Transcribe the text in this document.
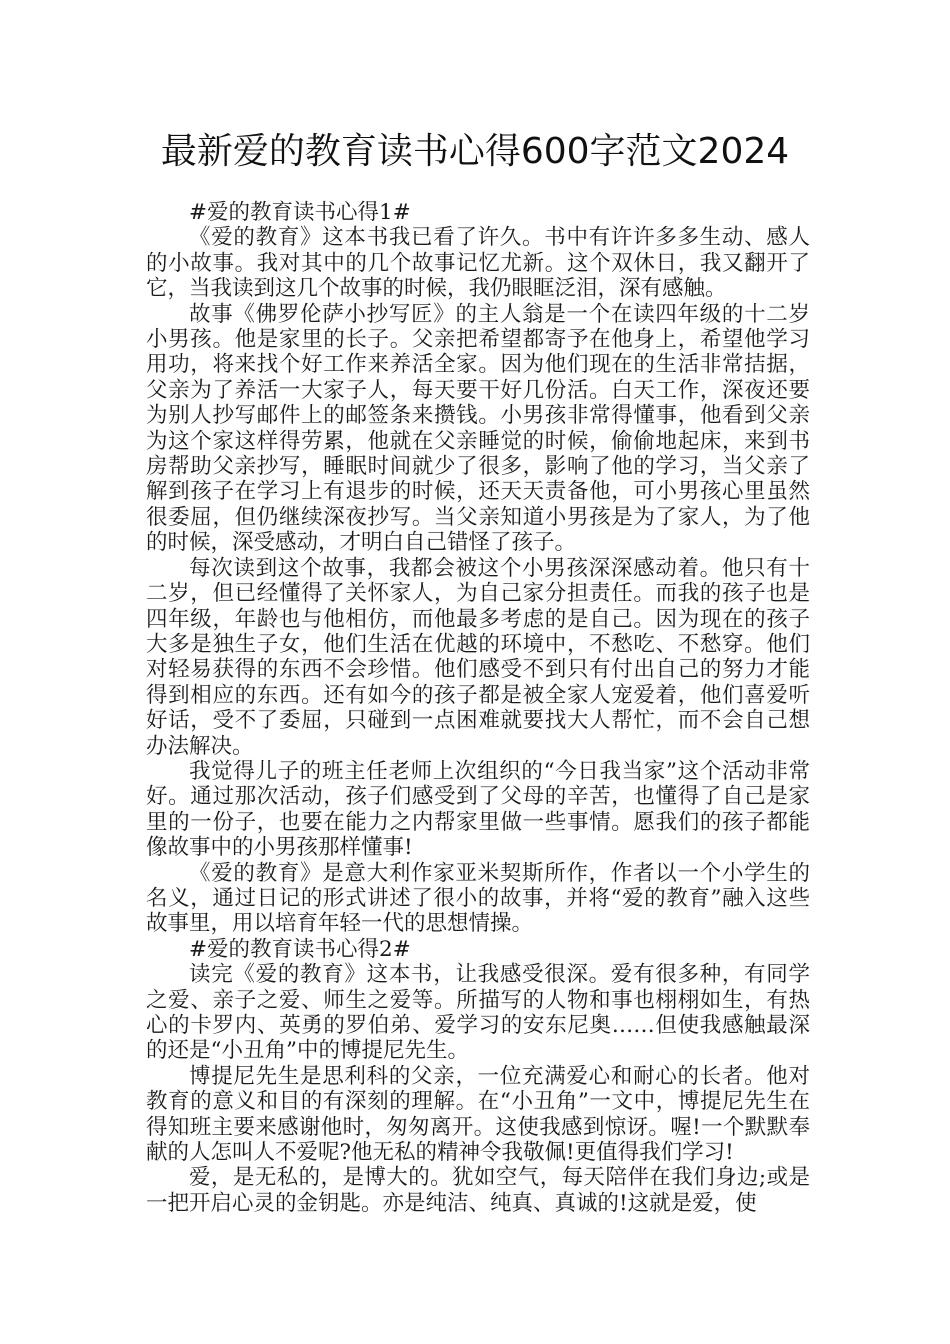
最新爱的教育读书心得600字范文2024

#爱的教育读书心得1#

《爱的教育》这本书我已看了许久。书中有许许多多生动、感人的小故事。我对其中的几个故事记忆尤新。这个双休日，我又翻开了它，当我读到这几个故事的时候，我仍眼眶泛泪，深有感触。

故事《佛罗伦萨小抄写匠》的主人翁是一个在读四年级的十二岁小男孩。他是家里的长子。父亲把希望都寄予在他身上，希望他学习用功，将来找个好工作来养活全家。因为他们现在的生活非常拮据，父亲为了养活一大家子人，每天要干好几份活。白天工作，深夜还要为别人抄写邮件上的邮签条来攒钱。小男孩非常得懂事，他看到父亲为这个家这样得劳累，他就在父亲睡觉的时候，偷偷地起床，来到书房帮助父亲抄写，睡眠时间就少了很多，影响了他的学习，当父亲了解到孩子在学习上有退步的时候，还天天责备他，可小男孩心里虽然很委屈，但仍继续深夜抄写。当父亲知道小男孩是为了家人，为了他的时候，深受感动，才明白自己错怪了孩子。

每次读到这个故事，我都会被这个小男孩深深感动着。他只有十二岁，但已经懂得了关怀家人，为自己家分担责任。而我的孩子也是四年级，年龄也与他相仿，而他最多考虑的是自己。因为现在的孩子大多是独生子女，他们生活在优越的环境中，不愁吃、不愁穿。他们对轻易获得的东西不会珍惜。他们感受不到只有付出自己的努力才能得到相应的东西。还有如今的孩子都是被全家人宠爱着，他们喜爱听好话，受不了委屈，只碰到一点困难就要找大人帮忙，而不会自己想办法解决。

我觉得儿子的班主任老师上次组织的“今日我当家”这个活动非常好。通过那次活动，孩子们感受到了父母的辛苦，也懂得了自己是家里的一份子，也要在能力之内帮家里做一些事情。愿我们的孩子都能像故事中的小男孩那样懂事!

《爱的教育》是意大利作家亚米契斯所作，作者以一个小学生的名义，通过日记的形式讲述了很小的故事，并将“爱的教育”融入这些故事里，用以培育年轻一代的思想情操。

#爱的教育读书心得2#

读完《爱的教育》这本书，让我感受很深。爱有很多种，有同学之爱、亲子之爱、师生之爱等。所描写的人物和事也栩栩如生，有热心的卡罗内、英勇的罗伯弟、爱学习的安东尼奥……但使我感触最深的还是“小丑角”中的博提尼先生。

博提尼先生是思利科的父亲，一位充满爱心和耐心的长者。他对教育的意义和目的有深刻的理解。在“小丑角”一文中，博提尼先生在得知班主要来感谢他时，匆匆离开。这使我感到惊讶。喔!一个默默奉献的人怎叫人不爱呢?他无私的精神令我敬佩!更值得我们学习!

爱，是无私的，是博大的。犹如空气，每天陪伴在我们身边;或是一把开启心灵的金钥匙。亦是纯洁、纯真、真诚的!这就是爱，使
